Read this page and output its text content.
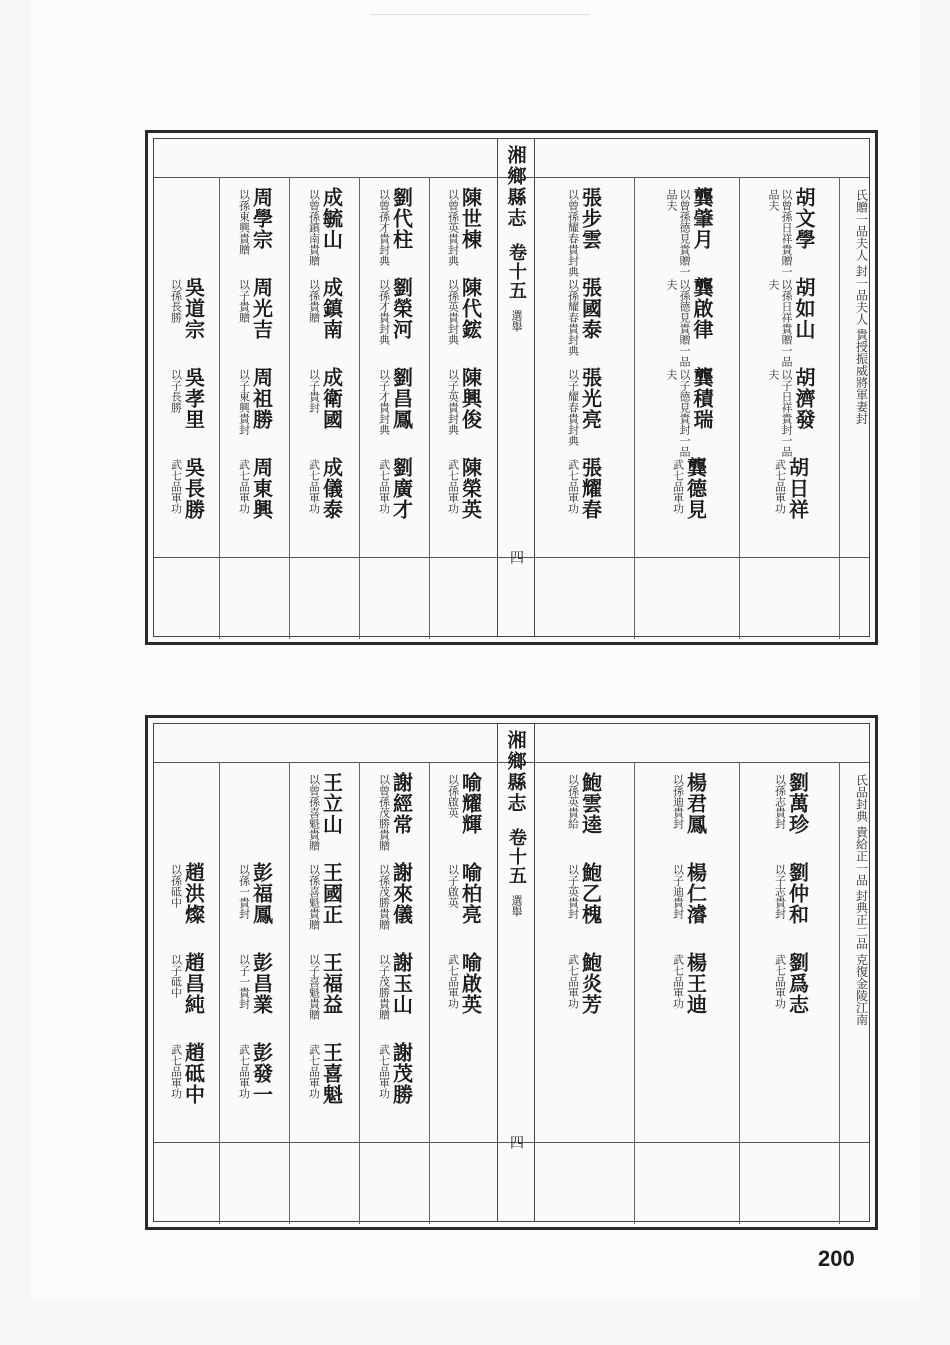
湘鄉縣志
卷十五
選舉
四
氏贈一品夫人 封一品夫人 貴授振威將軍妻封
胡文學
以曾孫日祥貴贈一品夫
胡如山
以孫日祥貴贈一品夫
胡濟發
以子日祥貴封一品夫
胡日祥
武七品軍功
龔肇月
以曾孫德見貴贈一品夫
龔啟律
以孫德見貴贈一品夫
龔積瑞
以子德見貴封一品夫
龔德見
武七品軍功
張步雲
以曾孫耀春貴封典
張國泰
以孫耀春貴封典
張光亮
以子耀春貴封典
張耀春
武七品軍功
陳世棟
以曾孫英貴封典
陳代鋐
以孫英貴封典
陳興俊
以子英貴封典
陳榮英
武七品軍功
劉代柱
以曾孫才貴封典
劉榮河
以孫才貴封典
劉昌鳳
以子才貴封典
劉廣才
武七品軍功
成毓山
以曾孫鎮南貴贈
成鎮南
以孫貴贈
成衛國
以子貴封
成儀泰
武七品軍功
周學宗
以孫東興貴贈
周光吉
以子貴贈
周祖勝
以子東興貴封
周東興
武七品軍功
吳道宗
以孫長勝
吳孝里
以子長勝
吳長勝
武七品軍功
湘鄉縣志
卷十五
選舉
四
氏品封典 貴給正一品 封典正二品 克復金陵江南
劉萬珍
以孫志貴封
劉仲和
以子志貴封
劉爲志
武七品軍功
楊君鳳
以孫迪貴封
楊仁濬
以子迪貴封
楊王迪
武七品軍功
鮑雲逵
以孫英貴給
鮑乙槐
以子英貴封
鮑炎芳
武七品軍功
喻耀輝
以孫啟英
喻柏亮
以子啟英
喻啟英
武七品軍功
謝經常
以曾孫茂勝貴贈
謝來儀
以孫茂勝貴贈
謝玉山
以子茂勝貴贈
謝茂勝
武七品軍功
王立山
以曾孫喜魁貴贈
王國正
以孫喜魁貴贈
王福益
以子喜魁貴贈
王喜魁
武七品軍功
彭福鳳
以孫一貴封
彭昌業
以子一貴封
彭發一
武七品軍功
趙洪燦
以孫砥中
趙昌純
以子砥中
趙砥中
武七品軍功
200
